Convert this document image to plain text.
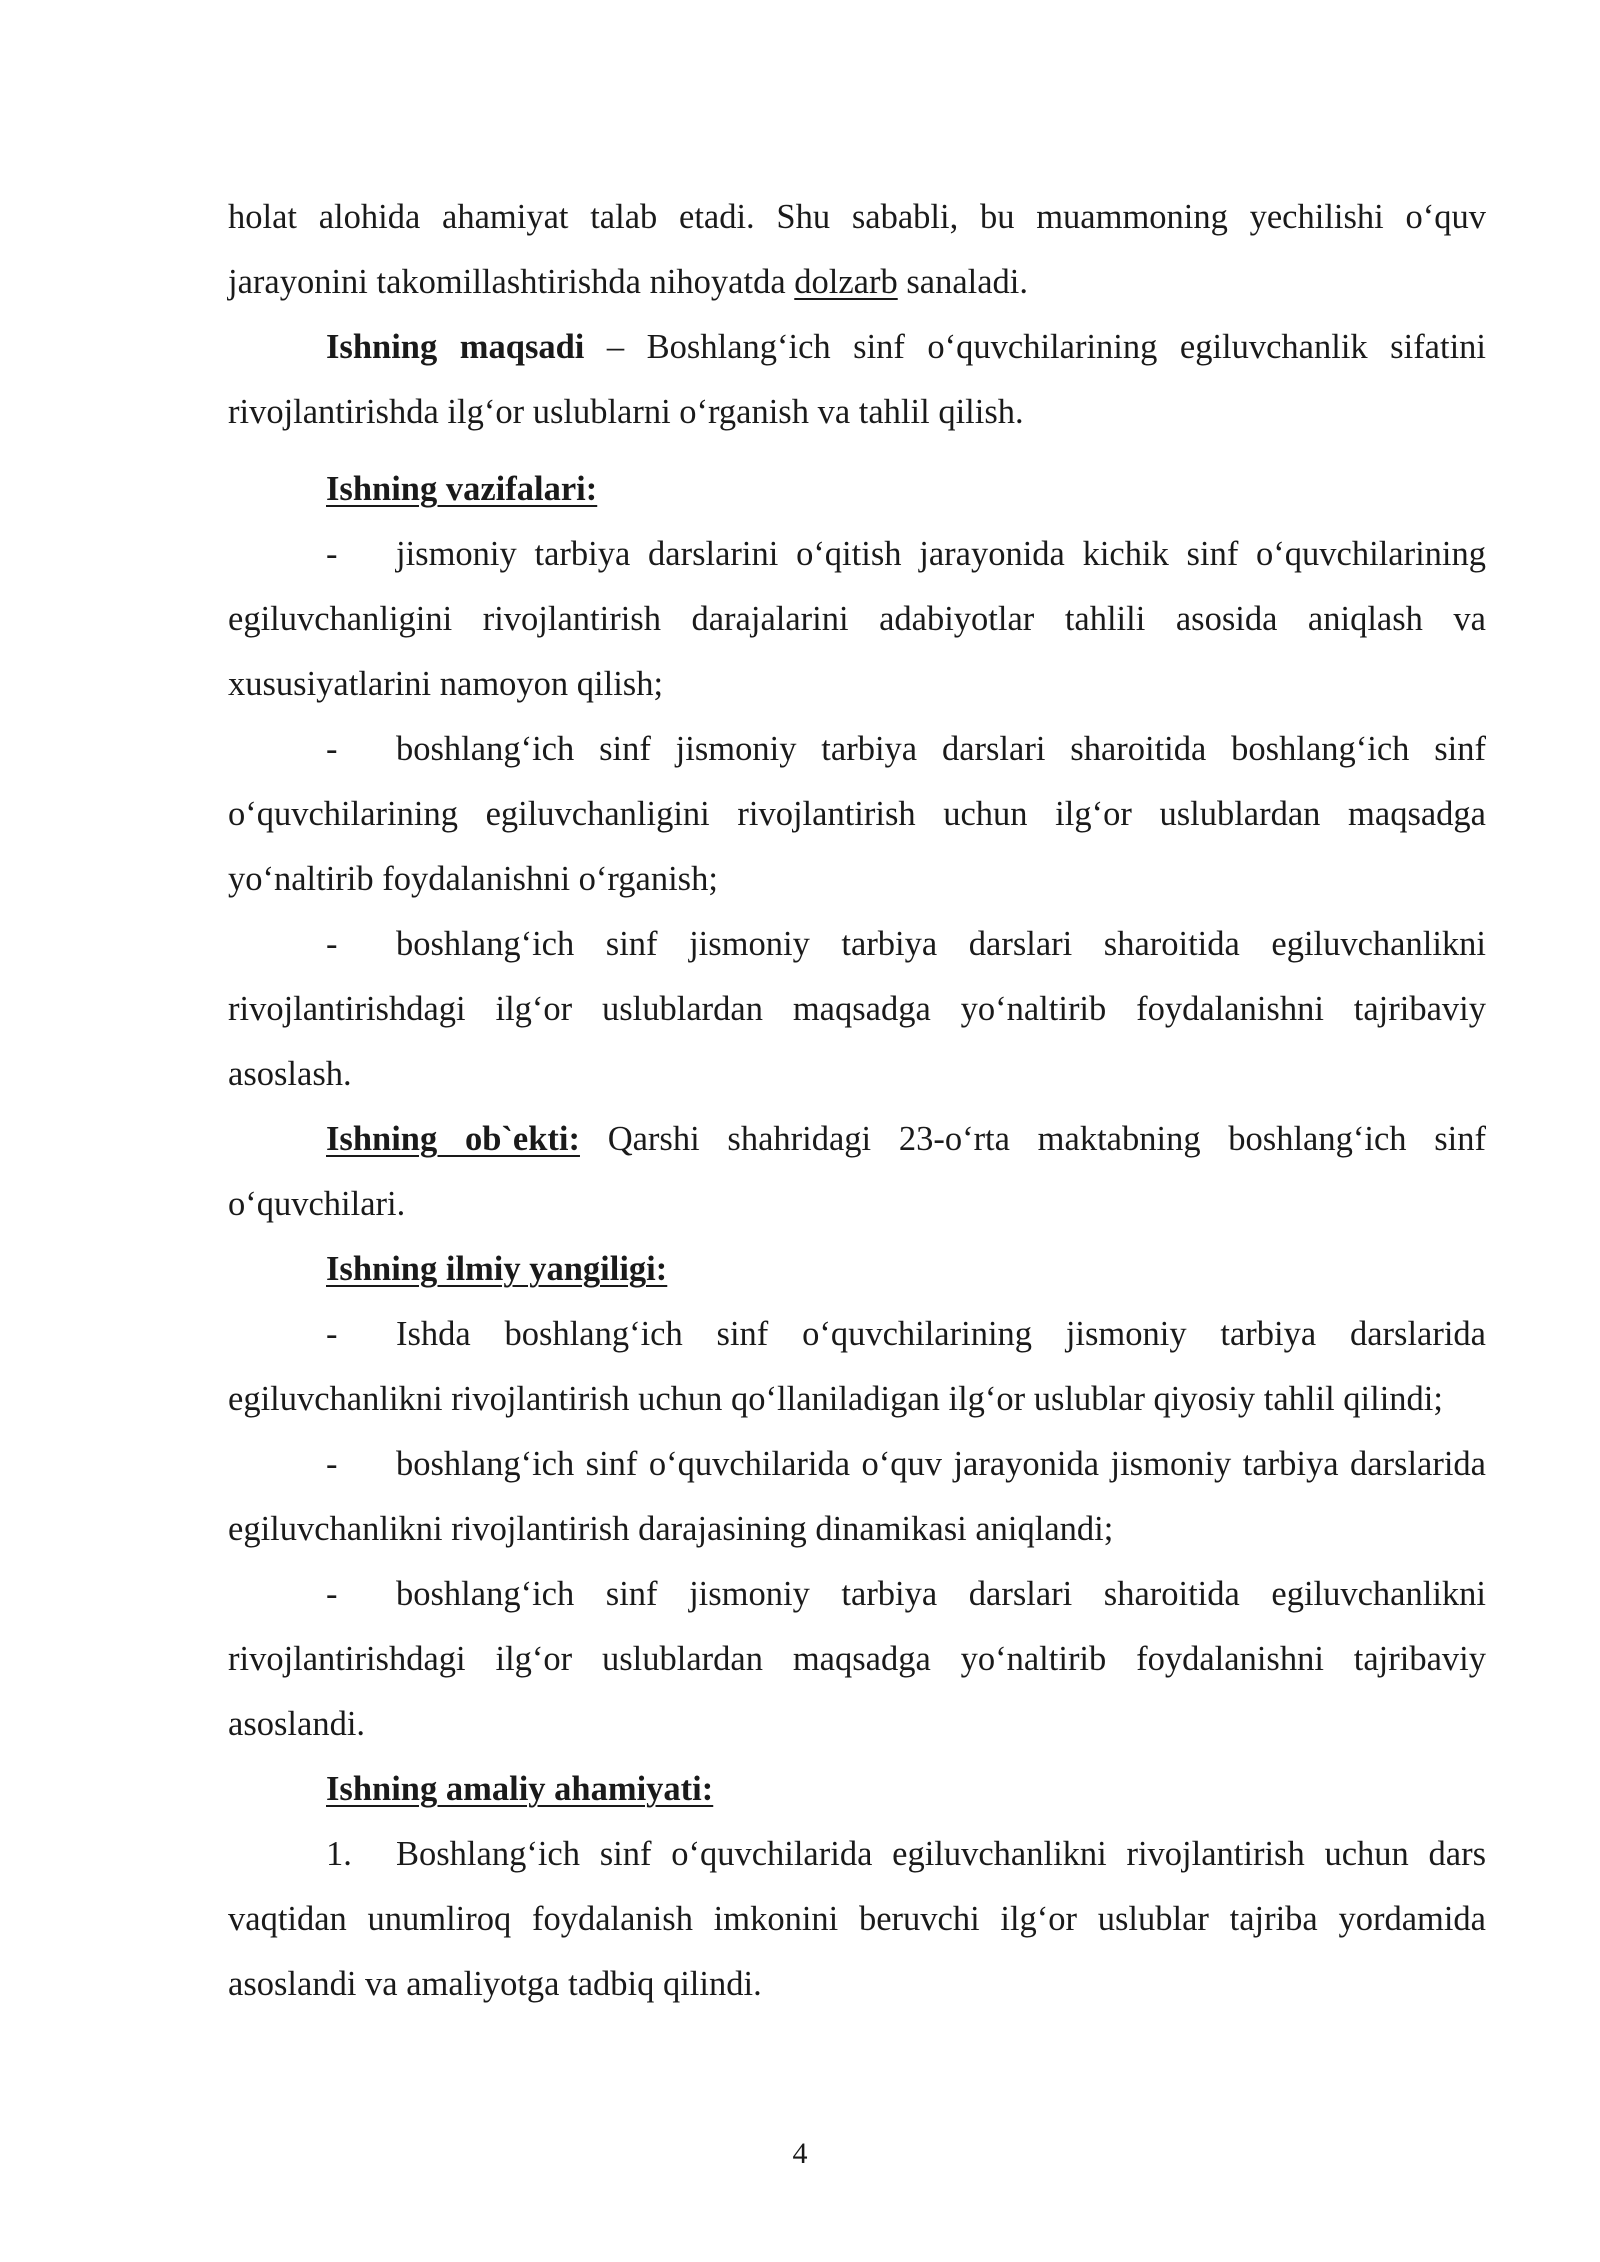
holat alohida ahamiyat talab etadi. Shu sababli, bu muammoning yechilishi o‘quv jarayonini takomillashtirishda nihoyatda dolzarb sanaladi.

Ishning maqsadi – Boshlang‘ich sinf o‘quvchilarining egiluvchanlik sifatini rivojlantirishda ilg‘or uslublarni o‘rganish va tahlil qilish.

Ishning vazifalari:

- jismoniy tarbiya darslarini o‘qitish jarayonida kichik sinf o‘quvchilarining egiluvchanligini rivojlantirish darajalarini adabiyotlar tahlili asosida aniqlash va xususiyatlarini namoyon qilish;

- boshlang‘ich sinf jismoniy tarbiya darslari sharoitida boshlang‘ich sinf o‘quvchilarining egiluvchanligini rivojlantirish uchun ilg‘or uslublardan maqsadga yo‘naltirib foydalanishni o‘rganish;

- boshlang‘ich sinf jismoniy tarbiya darslari sharoitida egiluvchanlikni rivojlantirishdagi ilg‘or uslublardan maqsadga yo‘naltirib foydalanishni tajribaviy asoslash.

Ishning ob`ekti: Qarshi shahridagi 23-o‘rta maktabning boshlang‘ich sinf o‘quvchilari.

Ishning ilmiy yangiligi:

- Ishda boshlang‘ich sinf o‘quvchilarining jismoniy tarbiya darslarida egiluvchanlikni rivojlantirish uchun qo‘llaniladigan ilg‘or uslublar qiyosiy tahlil qilindi;

- boshlang‘ich sinf o‘quvchilarida o‘quv jarayonida jismoniy tarbiya darslarida egiluvchanlikni rivojlantirish darajasining dinamikasi aniqlandi;

- boshlang‘ich sinf jismoniy tarbiya darslari sharoitida egiluvchanlikni rivojlantirishdagi ilg‘or uslublardan maqsadga yo‘naltirib foydalanishni tajribaviy asoslandi.

Ishning amaliy ahamiyati:

1. Boshlang‘ich sinf o‘quvchilarida egiluvchanlikni rivojlantirish uchun dars vaqtidan unumliroq foydalanish imkonini beruvchi ilg‘or uslublar tajriba yordamida asoslandi va amaliyotga tadbiq qilindi.

4
